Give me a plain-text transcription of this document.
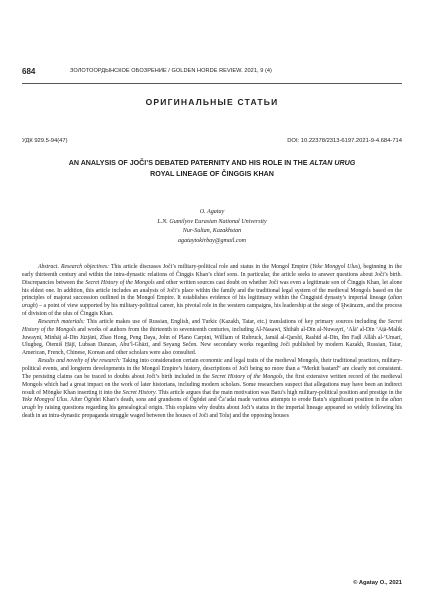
684	ЗОЛОТООРДЫНСКОЕ ОБОЗРЕНИЕ / GOLDEN HORDE REVIEW. 2021, 9 (4)
ОРИГИНАЛЬНЫЕ СТАТЬИ
УДК 929.5-94(47)	DOI: 10.22378/2313-6197.2021-9-4.684-714
AN ANALYSIS OF JOČI’S DEBATED PATERNITY AND HIS ROLE IN THE ALTAN URUG ROYAL LINEAGE OF ČINGGIS KHAN
O. Agatay
L.N. Gumilyov Eurasian National University
Nur-Sultan, Kazakhstan
agataytokirbay@gmail.com

Abstract. Research objectives: This article discusses Joči’s military-political role and status in the Mongol Empire (Yeke Mongɣol Ulus), beginning in the early thirteenth century and within the intra-dynastic relations of Činggis Khan’s chief sons. In particular, the article seeks to answer questions about Joči’s birth. Discrepancies between the Secret History of the Mongols and other written sources cast doubt on whether Joči was even a legitimate son of Činggis Khan, let alone his eldest one. In addition, this article includes an analysis of Joči’s place within the family and the traditional legal system of the medieval Mongols based on the principles of majorat succession outlined in the Mongol Empire. It establishes evidence of his legitimacy within the Činggisid dynasty’s imperial lineage (altan urugh) – a point of view supported by his military-political career, his pivotal role in the western campaigns, his leadership at the siege of Ḫwārazm, and the process of division of the ulus of Činggis Khan.

Research materials: This article makes use of Russian, English, and Turkic (Kazakh, Tatar, etc.) translations of key primary sources including the Secret History of the Mongols and works of authors from the thirteenth to seventeenth centuries, including Al-Nasawī, Shihāb al-Dīn al-Nuwayrī, ‘Alā’ al-Dīn ‘Aṭā-Malik Juwaynī, Minhāj al-Dīn Jūzjānī, Zhao Hong, Peng Daya, John of Plano Carpini, William of Rubruck, Jamāl al-Qarshī, Rashīd al-Dīn, Ibn Faḍl Allāh al-‘Umarī, Ulugbeg, Ötemiš Ḥājī, Lubsan Danzan, Abu’l-Ghāzī, and Seyang Sečen. New secondary works regarding Joči published by modern Kazakh, Russian, Tatar, American, French, Chinese, Korean and other scholars were also consulted.

Results and novelty of the research: Taking into consideration certain economic and legal traits of the medieval Mongols, their traditional practices, military-political events, and longterm developments in the Mongol Empire’s history, descriptions of Joči being no more than a “Merkit bastard” are clearly not consistent. The persisting claims can be traced to doubts about Joči’s birth included in the Secret History of the Mongols, the first extensive written record of the medieval Mongols which had a great impact on the work of later historians, including modern scholars. Some researchers suspect that allegations may have been an indirect result of Möngke Khan inserting it into the Secret History. This article argues that the main motivation was Batu’s high military-political position and prestige in the Yeke Mongɣol Ulus. After Ögödei Khan’s death, sons and grandsons of Ögödei and Ča’adai made various attempts to erode Batu’s significant position in the altan urugh by raising questions regarding his genealogical origin. This explains why doubts about Joči’s status in the imperial lineage appeared so widely following his death in an intra-dynastic propaganda struggle waged between the houses of Joči and Toluj and the opposing houses

© Agatay O., 2021
